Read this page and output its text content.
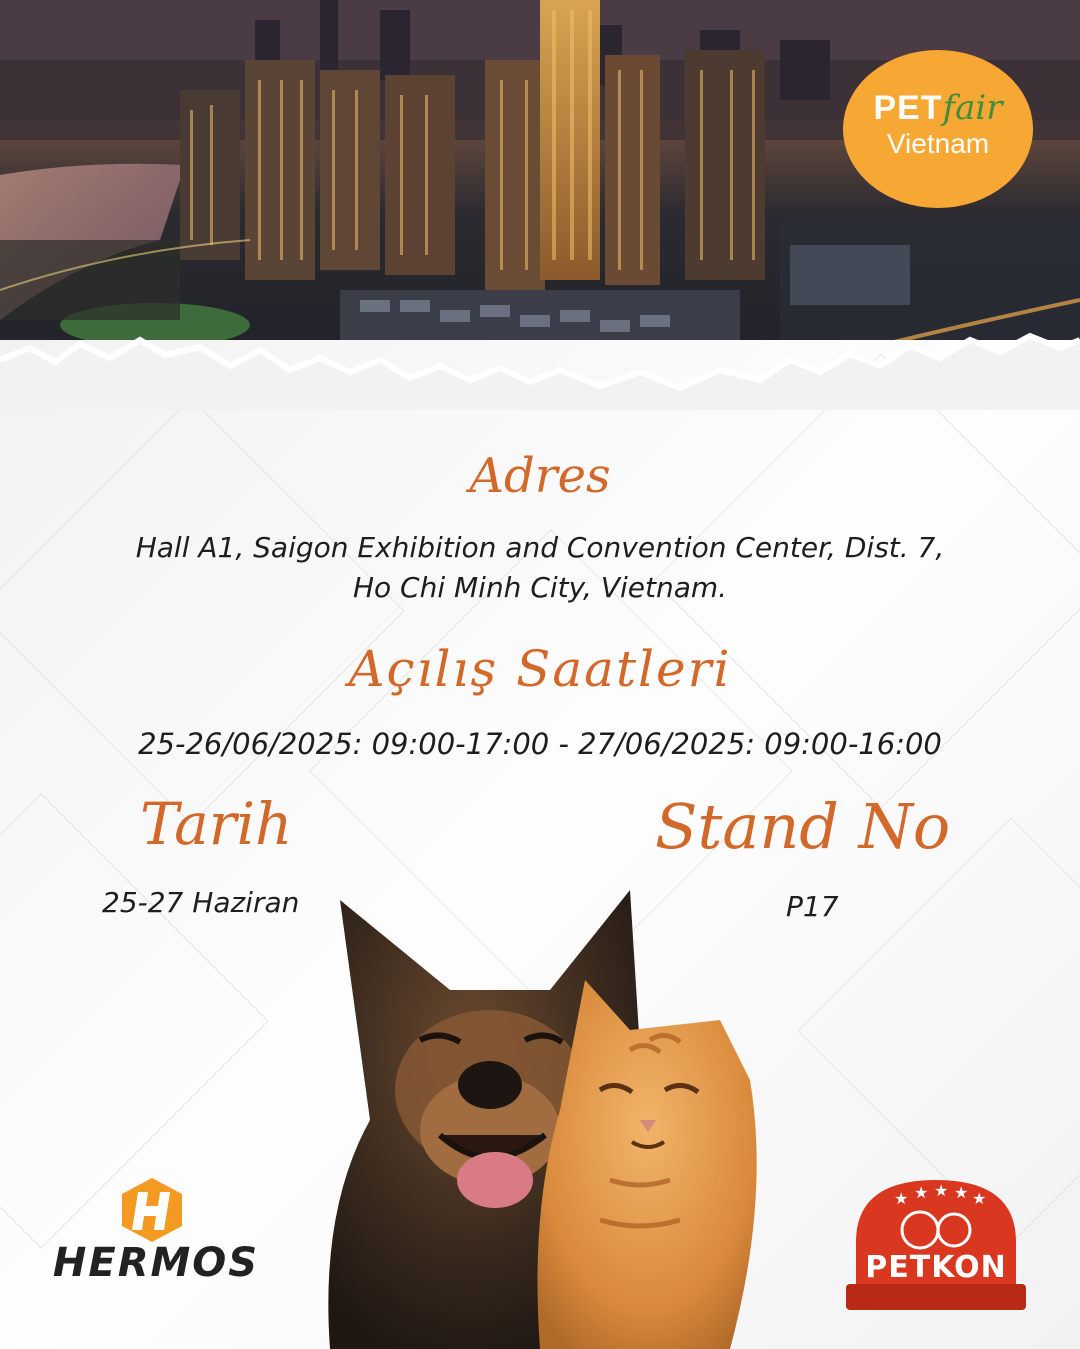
PETfair
Vietnam
Adres
Hall A1, Saigon Exhibition and Convention Center, Dist. 7,
Ho Chi Minh City, Vietnam.
Açılış Saatleri
25-26/06/2025: 09:00-17:00 - 27/06/2025: 09:00-16:00
Tarih
25-27 Haziran
Stand No
P17
HERMOS
★ ★ ★ ★ ★
PETKON
